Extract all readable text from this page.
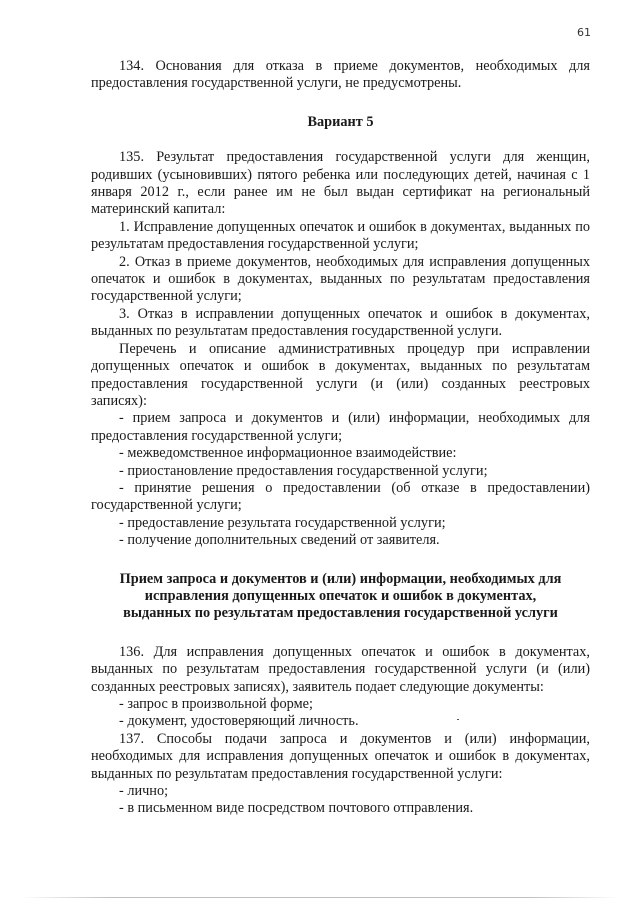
61

134. Основания для отказа в приеме документов, необходимых для предоставления государственной услуги, не предусмотрены.

Вариант 5

135. Результат предоставления государственной услуги для женщин, родивших (усыновивших) пятого ребенка или последующих детей, начиная с 1 января 2012 г., если ранее им не был выдан сертификат на региональный материнский капитал:

1. Исправление допущенных опечаток и ошибок в документах, выданных по результатам предоставления государственной услуги;

2. Отказ в приеме документов, необходимых для исправления допущенных опечаток и ошибок в документах, выданных по результатам предоставления государственной услуги;

3. Отказ в исправлении допущенных опечаток и ошибок в документах, выданных по результатам предоставления государственной услуги.

Перечень и описание административных процедур при исправлении допущенных опечаток и ошибок в документах, выданных по результатам предоставления государственной услуги (и (или) созданных реестровых записях):

- прием запроса и документов и (или) информации, необходимых для предоставления государственной услуги;

- межведомственное информационное взаимодействие:

- приостановление предоставления государственной услуги;

- принятие решения о предоставлении (об отказе в предоставлении) государственной услуги;

- предоставление результата государственной услуги;

- получение дополнительных сведений от заявителя.

Прием запроса и документов и (или) информации, необходимых для исправления допущенных опечаток и ошибок в документах, выданных по результатам предоставления государственной услуги

136. Для исправления допущенных опечаток и ошибок в документах, выданных по результатам предоставления государственной услуги (и (или) созданных реестровых записях), заявитель подает следующие документы:

- запрос в произвольной форме;

- документ, удостоверяющий личность.

137. Способы подачи запроса и документов и (или) информации, необходимых для исправления допущенных опечаток и ошибок в документах, выданных по результатам предоставления государственной услуги:

- лично;

- в письменном виде посредством почтового отправления.
